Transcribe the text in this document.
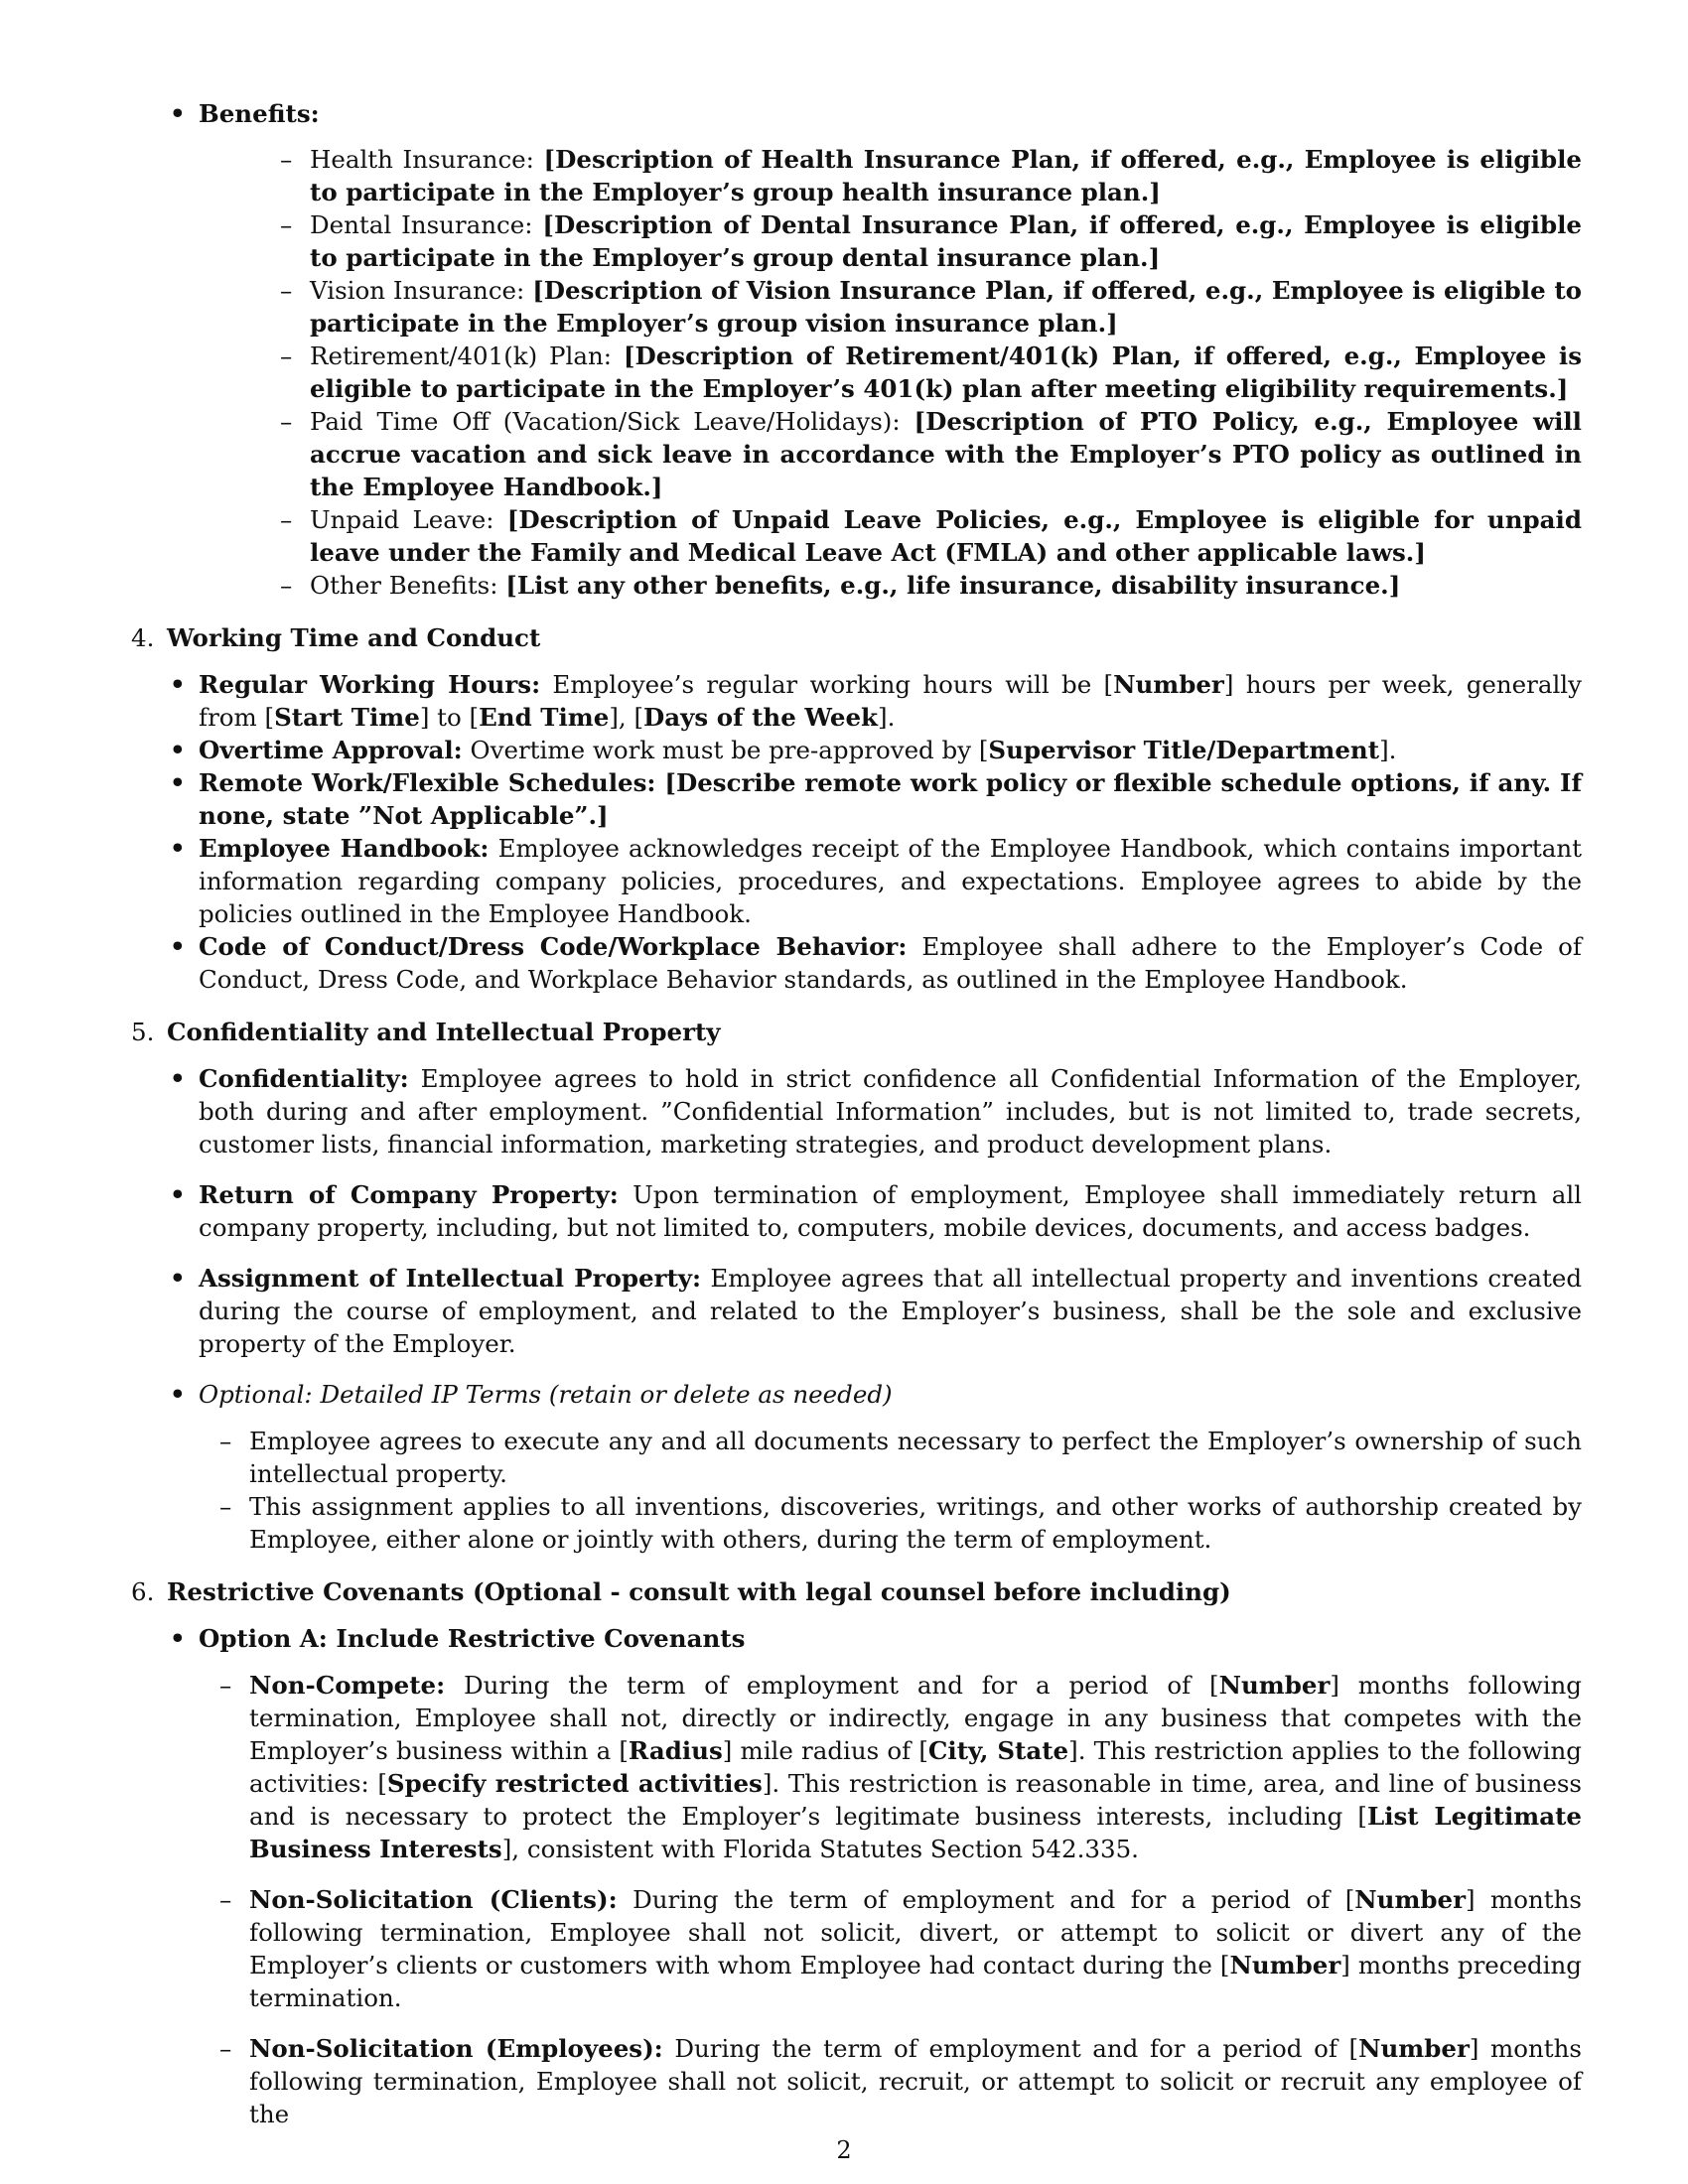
• Benefits:
– Health Insurance: [Description of Health Insurance Plan, if offered, e.g., Employee is eligible to participate in the Employer’s group health insurance plan.]
– Dental Insurance: [Description of Dental Insurance Plan, if offered, e.g., Employee is eligible to participate in the Employer’s group dental insurance plan.]
– Vision Insurance: [Description of Vision Insurance Plan, if offered, e.g., Employee is eligible to participate in the Employer’s group vision insurance plan.]
– Retirement/401(k) Plan: [Description of Retirement/401(k) Plan, if offered, e.g., Employee is eligible to participate in the Employer’s 401(k) plan after meeting eligibility requirements.]
– Paid Time Off (Vacation/Sick Leave/Holidays): [Description of PTO Policy, e.g., Employee will accrue vacation and sick leave in accordance with the Employer’s PTO policy as outlined in the Employee Handbook.]
– Unpaid Leave: [Description of Unpaid Leave Policies, e.g., Employee is eligible for unpaid leave under the Family and Medical Leave Act (FMLA) and other applicable laws.]
– Other Benefits: [List any other benefits, e.g., life insurance, disability insurance.]
4. Working Time and Conduct
• Regular Working Hours: Employee’s regular working hours will be [Number] hours per week, generally from [Start Time] to [End Time], [Days of the Week].
• Overtime Approval: Overtime work must be pre-approved by [Supervisor Title/Department].
• Remote Work/Flexible Schedules: [Describe remote work policy or flexible schedule options, if any. If none, state ”Not Applicable”.]
• Employee Handbook: Employee acknowledges receipt of the Employee Handbook, which contains important information regarding company policies, procedures, and expectations. Employee agrees to abide by the policies outlined in the Employee Handbook.
• Code of Conduct/Dress Code/Workplace Behavior: Employee shall adhere to the Employer’s Code of Conduct, Dress Code, and Workplace Behavior standards, as outlined in the Employee Handbook.
5. Confidentiality and Intellectual Property
• Confidentiality: Employee agrees to hold in strict confidence all Confidential Information of the Employer, both during and after employment. ”Confidential Information” includes, but is not limited to, trade secrets, customer lists, financial information, marketing strategies, and product development plans.
• Return of Company Property: Upon termination of employment, Employee shall immediately return all company property, including, but not limited to, computers, mobile devices, documents, and access badges.
• Assignment of Intellectual Property: Employee agrees that all intellectual property and inventions created during the course of employment, and related to the Employer’s business, shall be the sole and exclusive property of the Employer.
• Optional: Detailed IP Terms (retain or delete as needed)
– Employee agrees to execute any and all documents necessary to perfect the Employer’s ownership of such intellectual property.
– This assignment applies to all inventions, discoveries, writings, and other works of authorship created by Employee, either alone or jointly with others, during the term of employment.
6. Restrictive Covenants (Optional - consult with legal counsel before including)
• Option A: Include Restrictive Covenants
– Non-Compete: During the term of employment and for a period of [Number] months following termination, Employee shall not, directly or indirectly, engage in any business that competes with the Employer’s business within a [Radius] mile radius of [City, State]. This restriction applies to the following activities: [Specify restricted activities]. This restriction is reasonable in time, area, and line of business and is necessary to protect the Employer’s legitimate business interests, including [List Legitimate Business Interests], consistent with Florida Statutes Section 542.335.
– Non-Solicitation (Clients): During the term of employment and for a period of [Number] months following termination, Employee shall not solicit, divert, or attempt to solicit or divert any of the Employer’s clients or customers with whom Employee had contact during the [Number] months preceding termination.
– Non-Solicitation (Employees): During the term of employment and for a period of [Number] months following termination, Employee shall not solicit, recruit, or attempt to solicit or recruit any employee of the
2
